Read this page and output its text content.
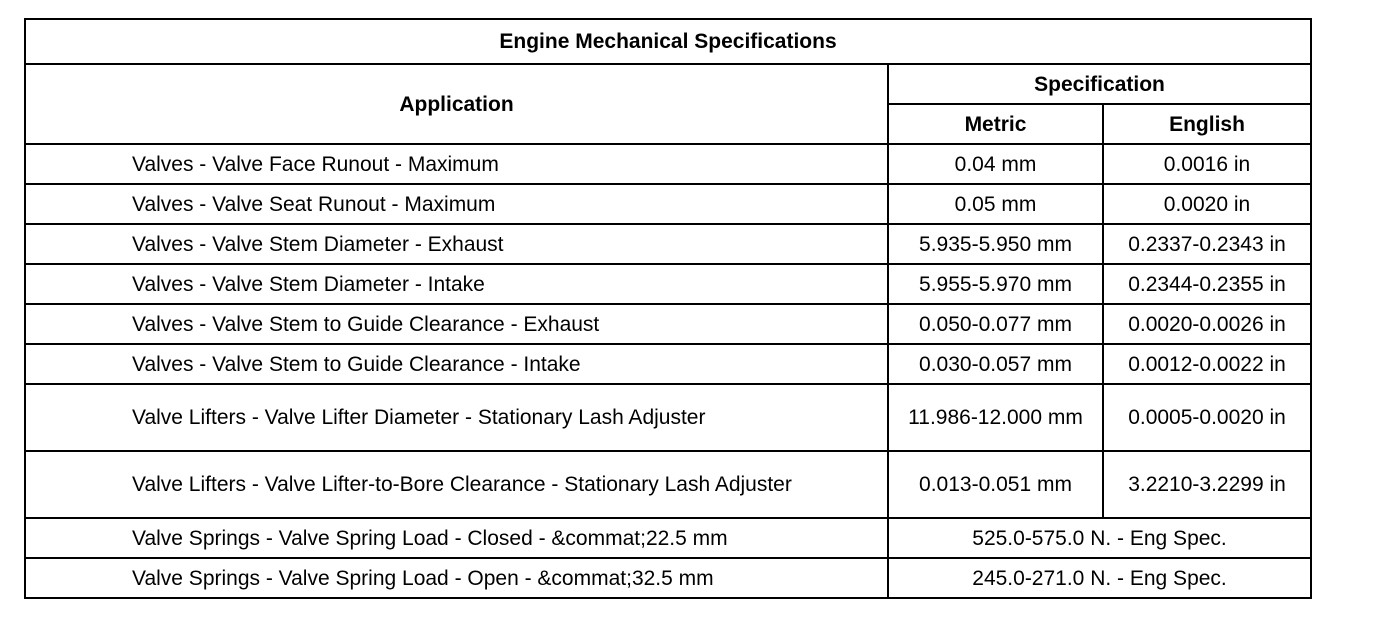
Engine Mechanical Specifications		
Application	Specification	
	Metric	English
Valves - Valve Face Runout - Maximum	0.04 mm	0.0016 in
Valves - Valve Seat Runout - Maximum	0.05 mm	0.0020 in
Valves - Valve Stem Diameter - Exhaust	5.935-5.950 mm	0.2337-0.2343 in
Valves - Valve Stem Diameter - Intake	5.955-5.970 mm	0.2344-0.2355 in
Valves - Valve Stem to Guide Clearance - Exhaust	0.050-0.077 mm	0.0020-0.0026 in
Valves - Valve Stem to Guide Clearance - Intake	0.030-0.057 mm	0.0012-0.0022 in
Valve Lifters - Valve Lifter Diameter - Stationary Lash Adjuster	11.986-12.000 mm	0.0005-0.0020 in
Valve Lifters - Valve Lifter-to-Bore Clearance - Stationary Lash Adjuster	0.013-0.051 mm	3.2210-3.2299 in
Valve Springs - Valve Spring Load - Closed - &commat;22.5 mm	525.0-575.0 N. - Eng Spec.	
Valve Springs - Valve Spring Load - Open - &commat;32.5 mm	245.0-271.0 N. - Eng Spec.	
